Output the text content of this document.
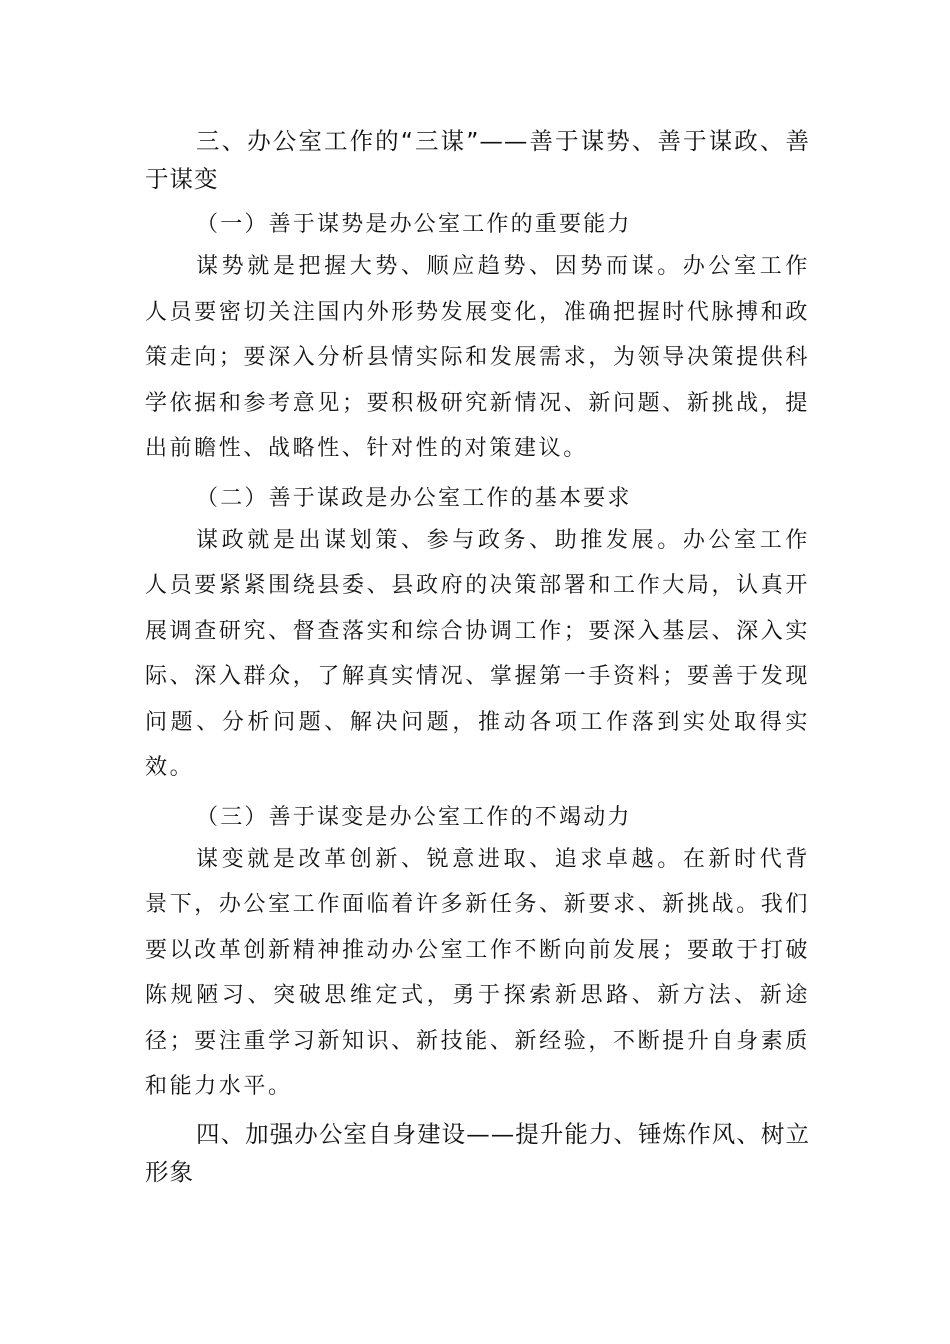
三、办公室工作的“三谋”——善于谋势、善于谋政、善于谋变

（一）善于谋势是办公室工作的重要能力

谋势就是把握大势、顺应趋势、因势而谋。办公室工作人员要密切关注国内外形势发展变化，准确把握时代脉搏和政策走向；要深入分析县情实际和发展需求，为领导决策提供科学依据和参考意见；要积极研究新情况、新问题、新挑战，提出前瞻性、战略性、针对性的对策建议。

（二）善于谋政是办公室工作的基本要求

谋政就是出谋划策、参与政务、助推发展。办公室工作人员要紧紧围绕县委、县政府的决策部署和工作大局，认真开展调查研究、督查落实和综合协调工作；要深入基层、深入实际、深入群众，了解真实情况、掌握第一手资料；要善于发现问题、分析问题、解决问题，推动各项工作落到实处取得实效。

（三）善于谋变是办公室工作的不竭动力

谋变就是改革创新、锐意进取、追求卓越。在新时代背景下，办公室工作面临着许多新任务、新要求、新挑战。我们要以改革创新精神推动办公室工作不断向前发展；要敢于打破陈规陋习、突破思维定式，勇于探索新思路、新方法、新途径；要注重学习新知识、新技能、新经验，不断提升自身素质和能力水平。

四、加强办公室自身建设——提升能力、锤炼作风、树立形象
